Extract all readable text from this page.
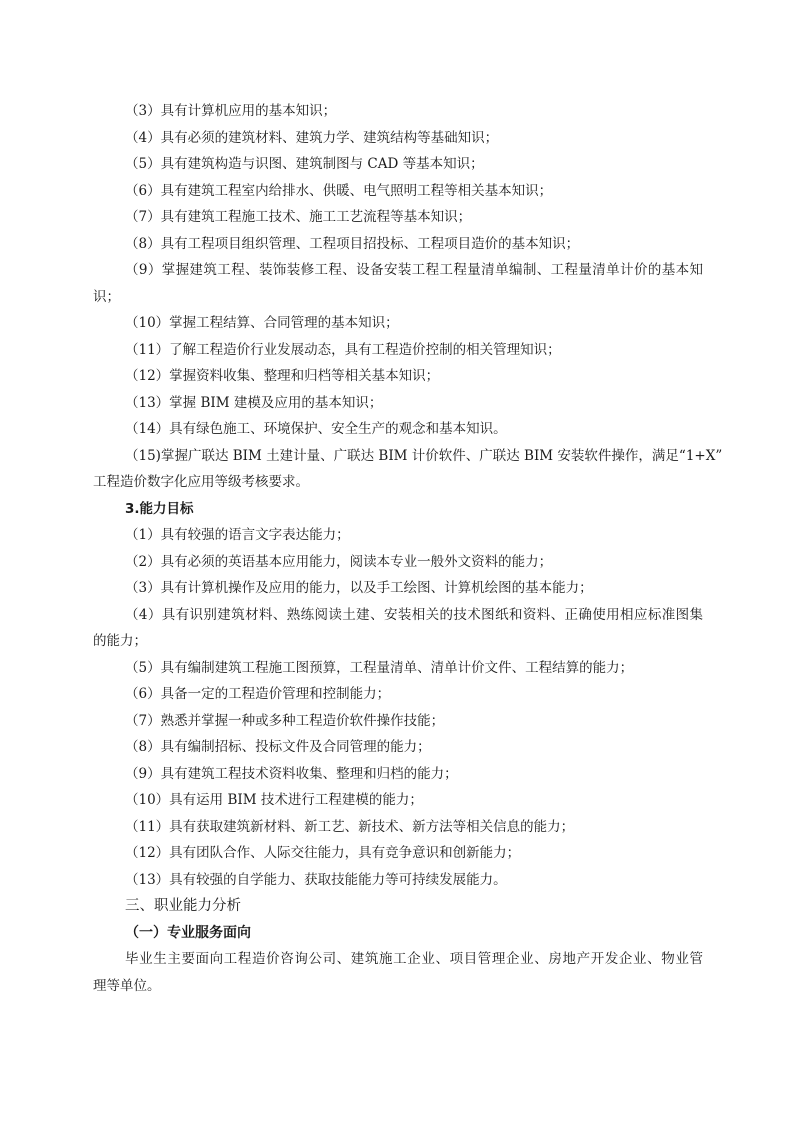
（3）具有计算机应用的基本知识；
（4）具有必须的建筑材料、建筑力学、建筑结构等基础知识；
（5）具有建筑构造与识图、建筑制图与 CAD 等基本知识；
（6）具有建筑工程室内给排水、供暖、电气照明工程等相关基本知识；
（7）具有建筑工程施工技术、施工工艺流程等基本知识；
（8）具有工程项目组织管理、工程项目招投标、工程项目造价的基本知识；
（9）掌握建筑工程、装饰装修工程、设备安装工程工程量清单编制、工程量清单计价的基本知
识；
（10）掌握工程结算、合同管理的基本知识；
（11）了解工程造价行业发展动态，具有工程造价控制的相关管理知识；
（12）掌握资料收集、整理和归档等相关基本知识；
（13）掌握 BIM 建模及应用的基本知识；
（14）具有绿色施工、环境保护、安全生产的观念和基本知识。
（15)掌握广联达 BIM 土建计量、广联达 BIM 计价软件、广联达 BIM 安装软件操作，满足“1+X”
工程造价数字化应用等级考核要求。
3.能力目标
（1）具有较强的语言文字表达能力；
（2）具有必须的英语基本应用能力，阅读本专业一般外文资料的能力；
（3）具有计算机操作及应用的能力，以及手工绘图、计算机绘图的基本能力；
（4）具有识别建筑材料、熟练阅读土建、安装相关的技术图纸和资料、正确使用相应标准图集
的能力；
（5）具有编制建筑工程施工图预算，工程量清单、清单计价文件、工程结算的能力；
（6）具备一定的工程造价管理和控制能力；
（7）熟悉并掌握一种或多种工程造价软件操作技能；
（8）具有编制招标、投标文件及合同管理的能力；
（9）具有建筑工程技术资料收集、整理和归档的能力；
（10）具有运用 BIM 技术进行工程建模的能力；
（11）具有获取建筑新材料、新工艺、新技术、新方法等相关信息的能力；
（12）具有团队合作、人际交往能力，具有竞争意识和创新能力；
（13）具有较强的自学能力、获取技能能力等可持续发展能力。
三、职业能力分析
（一）专业服务面向
毕业生主要面向工程造价咨询公司、建筑施工企业、项目管理企业、房地产开发企业、物业管
理等单位。
